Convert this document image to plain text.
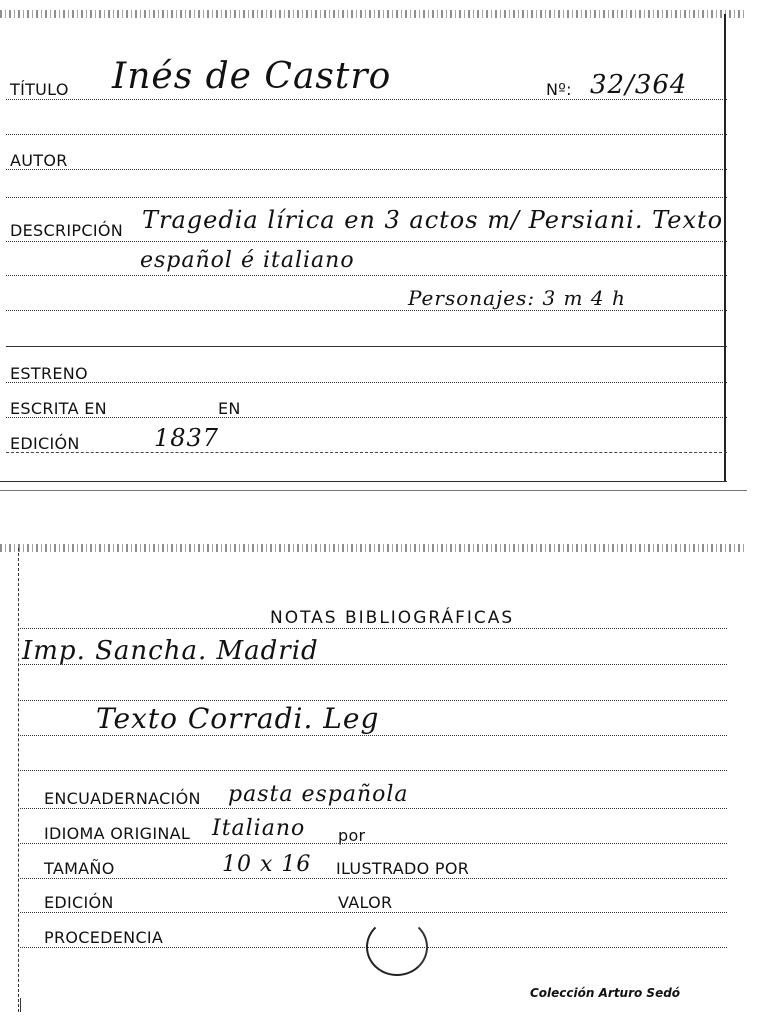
TÍTULO Inés de Castro	Nº: 32/364
AUTOR
DESCRIPCIÓN Tragedia lírica en 3 actos m/ Persiani. Texto
español é italiano
Personajes: 3 m 4 h
ESTRENO
ESCRITA EN	EN
EDICIÓN	1837
NOTAS BIBLIOGRÁFICAS
Imp. Sancha. Madrid
Texto Corradi. Leg
ENCUADERNACIÓN pasta española
IDIOMA ORIGINAL Italiano por
TAMAÑO	10 x 16 ILUSTRADO POR
EDICIÓN	VALOR
PROCEDENCIA
Colección Arturo Sedó
